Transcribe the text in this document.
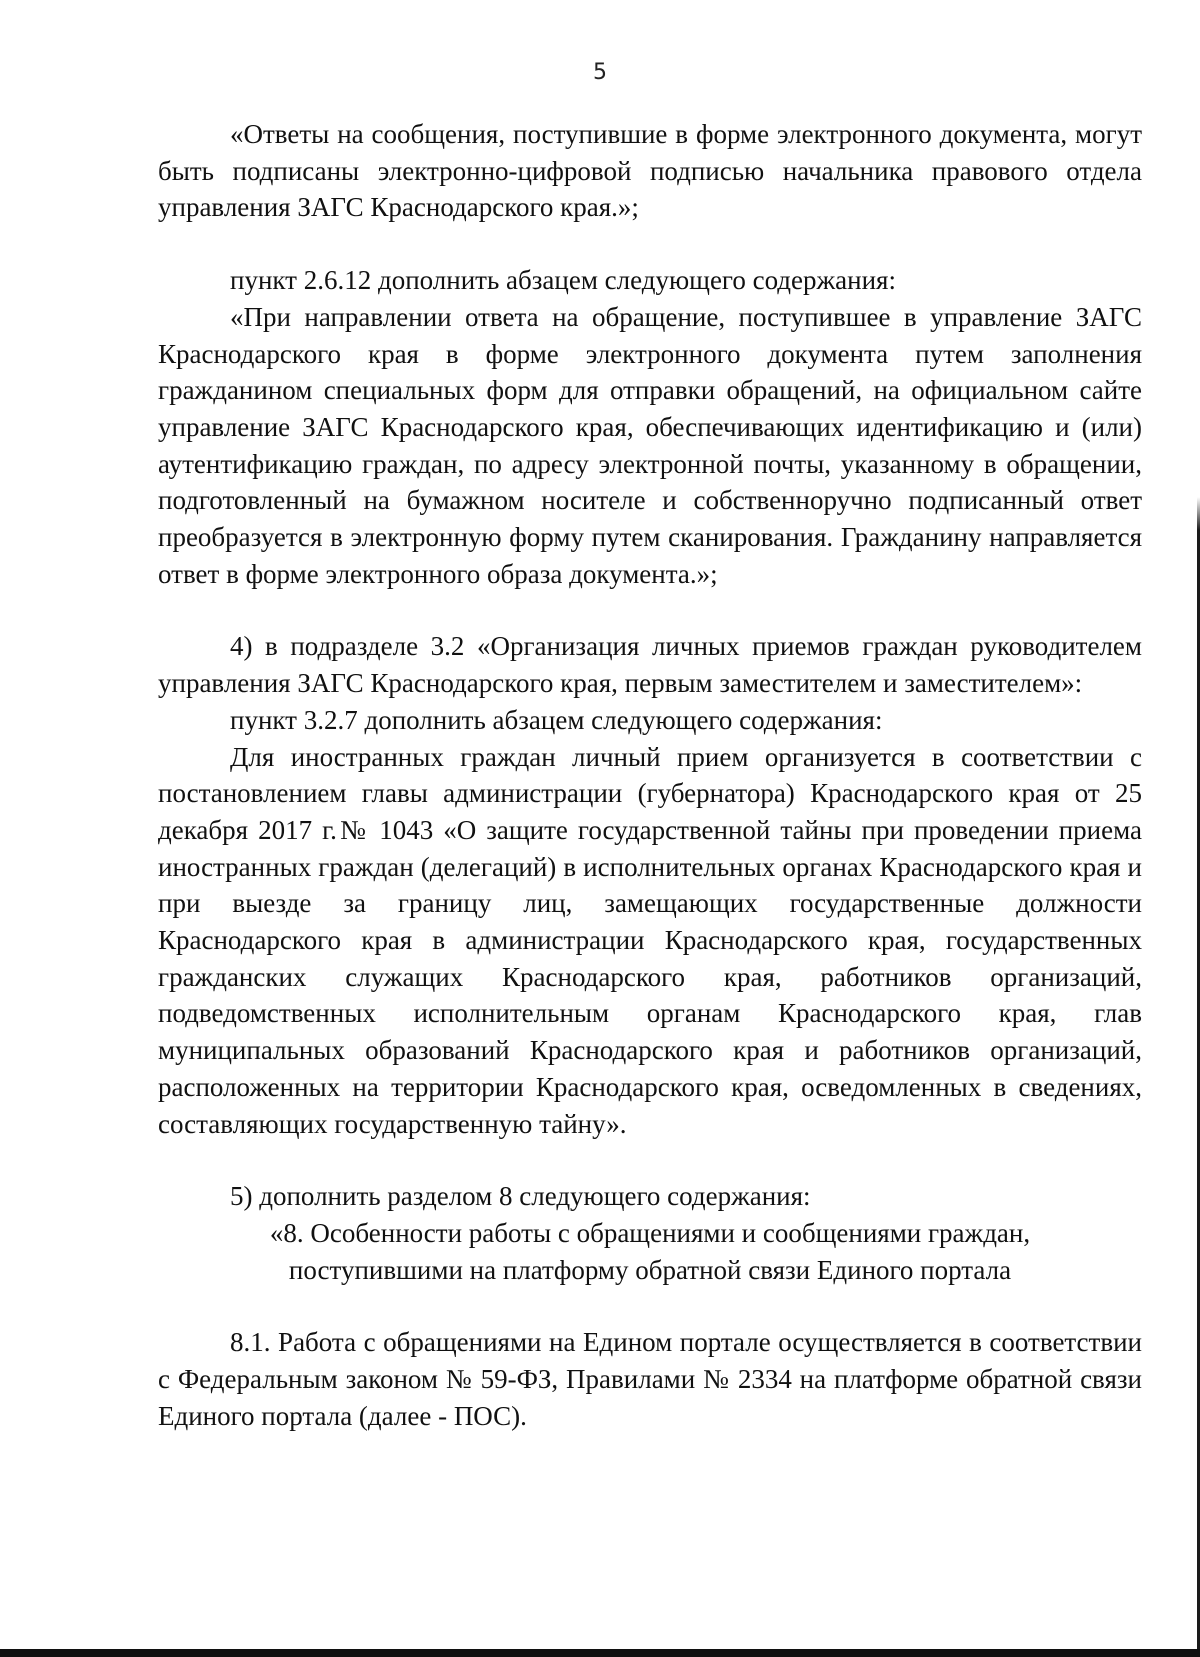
5

«Ответы на сообщения, поступившие в форме электронного документа, могут быть подписаны электронно-цифровой подписью начальника правового отдела управления ЗАГС Краснодарского края.»;

пункт 2.6.12 дополнить абзацем следующего содержания:

«При направлении ответа на обращение, поступившее в управление ЗАГС Краснодарского края в форме электронного документа путем заполнения гражданином специальных форм для отправки обращений, на официальном сайте управление ЗАГС Краснодарского края, обеспечивающих идентификацию и (или) аутентификацию граждан, по адресу электронной почты, указанному в обращении, подготовленный на бумажном носителе и собственноручно подписанный ответ преобразуется в электронную форму путем сканирования. Гражданину направляется ответ в форме электронного образа документа.»;

4) в подразделе 3.2 «Организация личных приемов граждан руководителем управления ЗАГС Краснодарского края, первым заместителем и заместителем»:

пункт 3.2.7 дополнить абзацем следующего содержания:

Для иностранных граждан личный прием организуется в соответствии с постановлением главы администрации (губернатора) Краснодарского края от 25 декабря 2017 г.№ 1043 «О защите государственной тайны при проведении приема иностранных граждан (делегаций) в исполнительных органах Краснодарского края и при выезде за границу лиц, замещающих государственные должности Краснодарского края в администрации Краснодарского края, государственных гражданских служащих Краснодарского края, работников организаций, подведомственных исполнительным органам Краснодарского края, глав муниципальных образований Краснодарского края и работников организаций, расположенных на территории Краснодарского края, осведомленных в сведениях, составляющих государственную тайну».

5) дополнить разделом 8 следующего содержания:

«8. Особенности работы с обращениями и сообщениями граждан,

поступившими на платформу обратной связи Единого портала

8.1. Работа с обращениями на Едином портале осуществляется в соответствии с Федеральным законом № 59-ФЗ, Правилами № 2334 на платформе обратной связи Единого портала (далее - ПОС).
